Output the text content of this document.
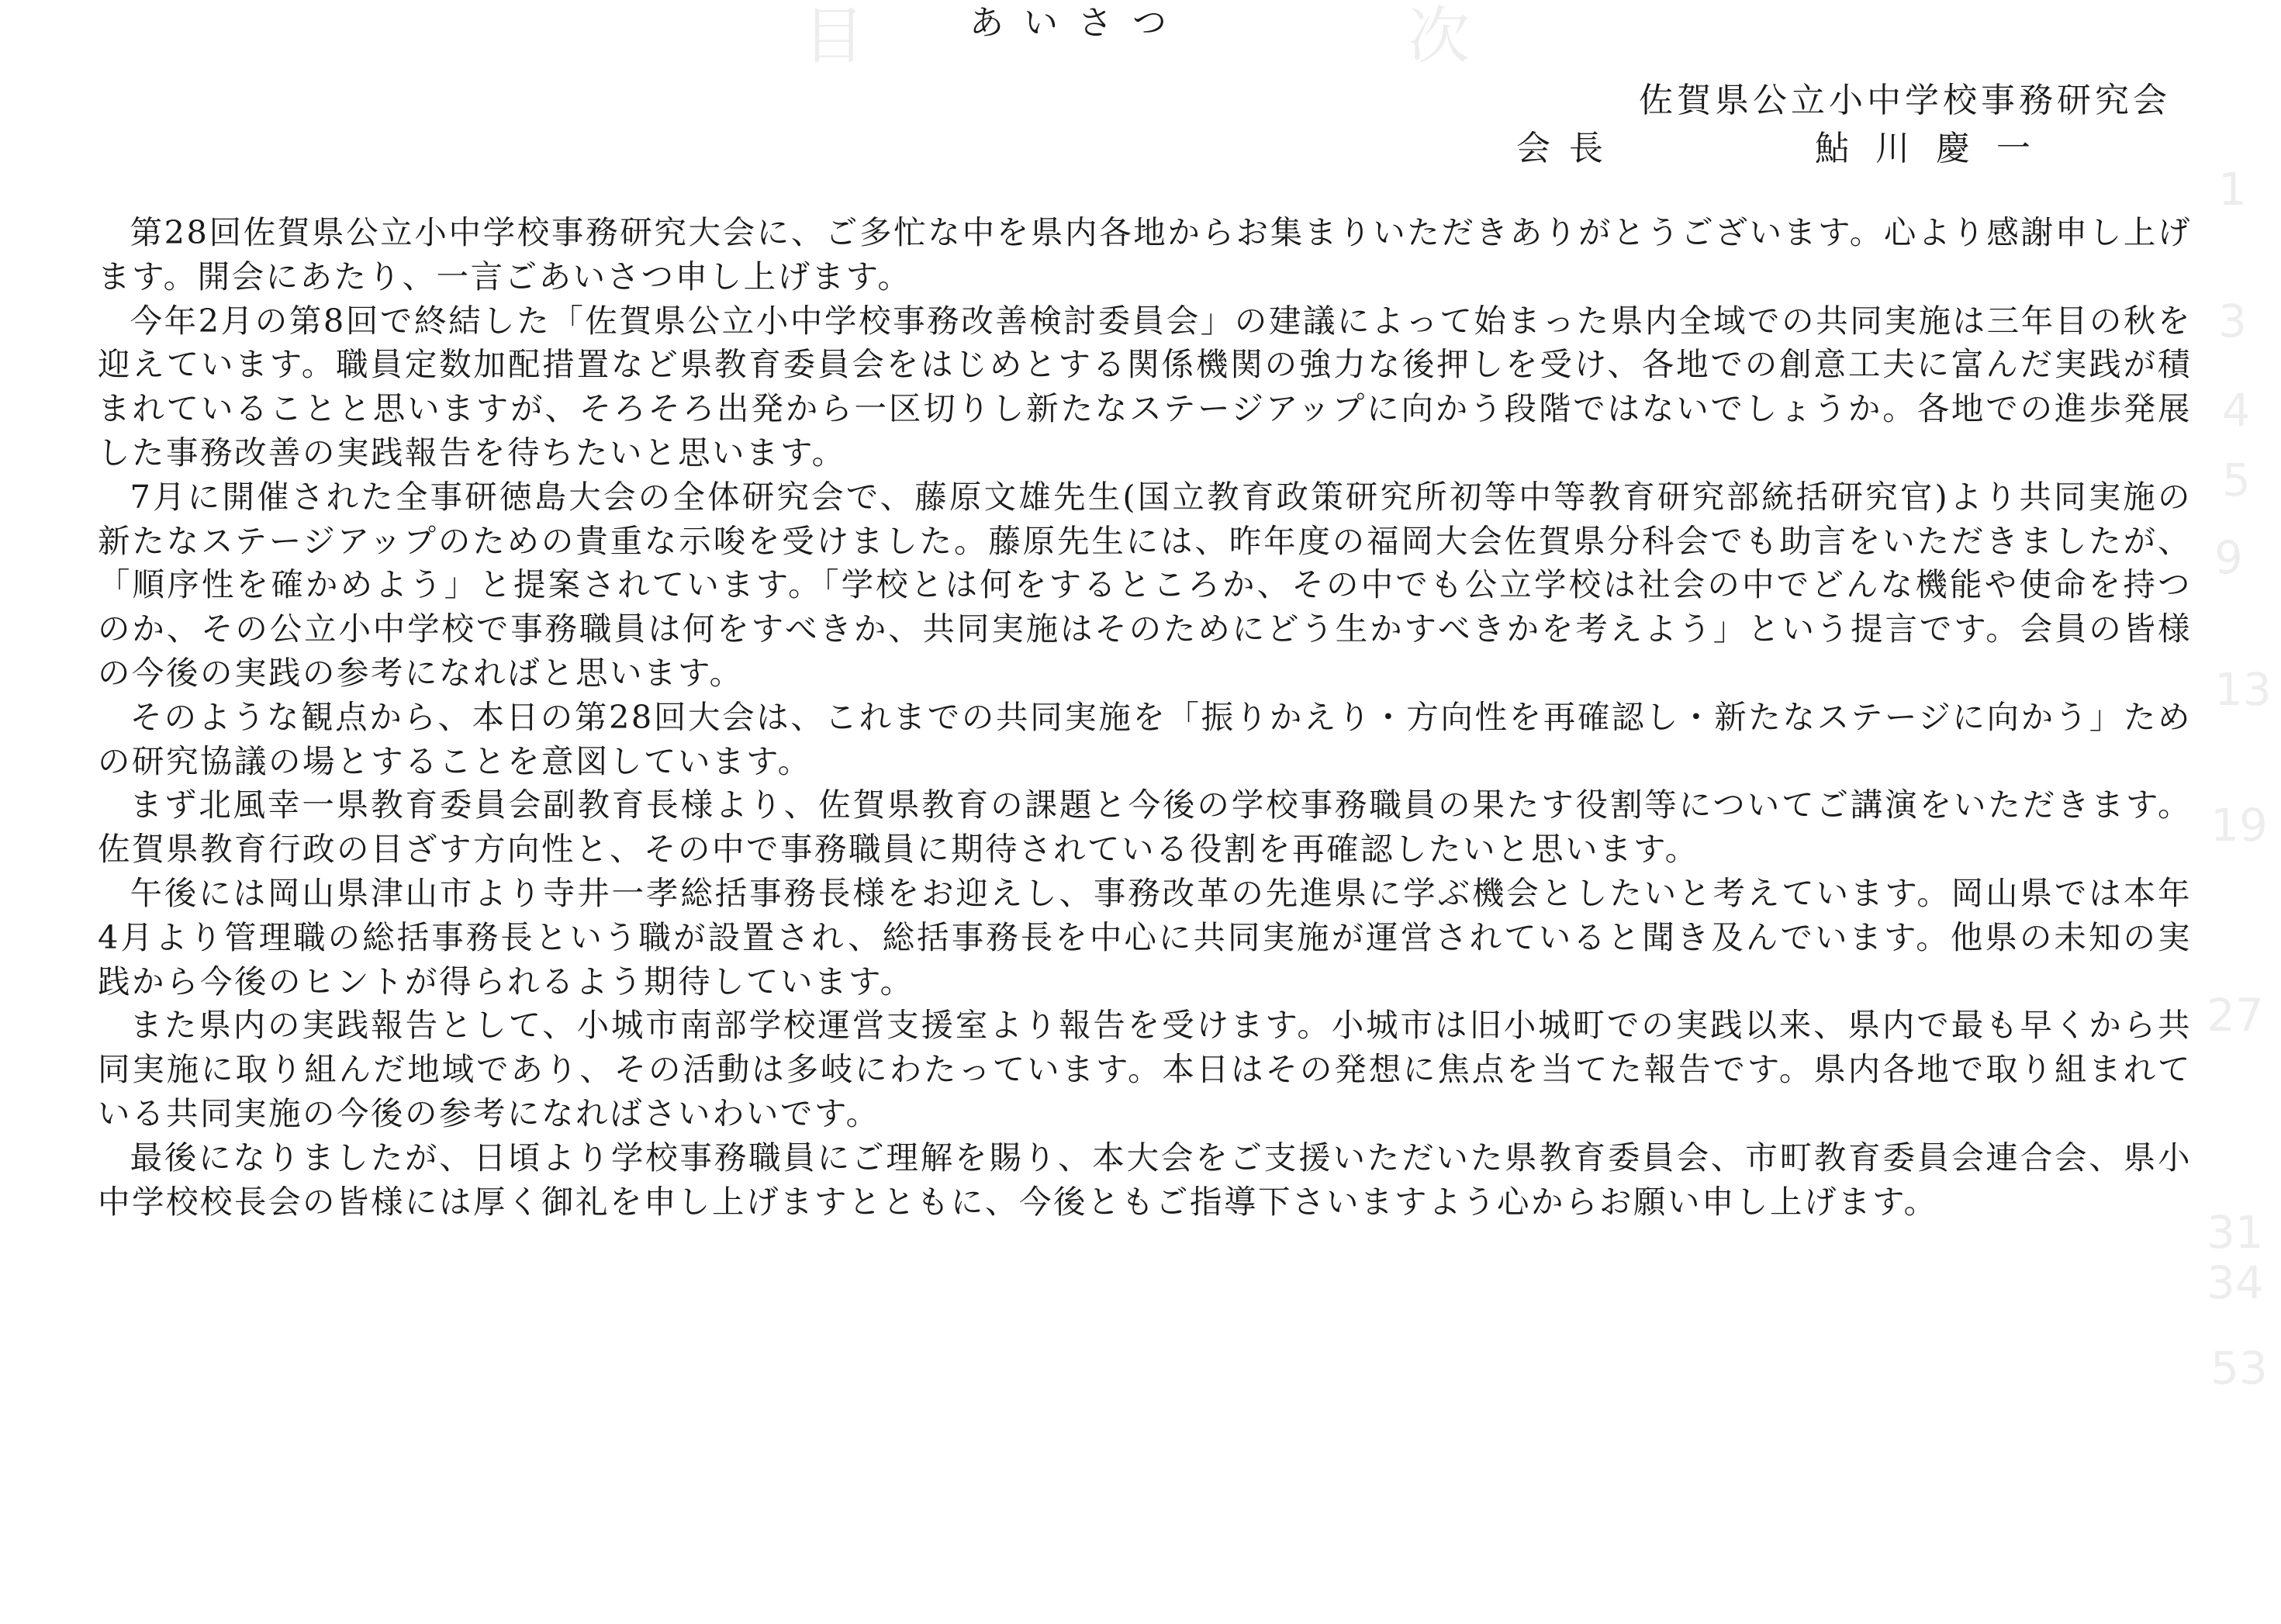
目	次
1
3
4
5
9
13
19
27
31
34
53
あいさつ
佐賀県公立小中学校事務研究会
会長	鮎川慶一

第28回佐賀県公立小中学校事務研究大会に、ご多忙な中を県内各地からお集まりいただきありがとうございます。心より感謝申し上げます。開会にあたり、一言ごあいさつ申し上げます。

今年2月の第8回で終結した「佐賀県公立小中学校事務改善検討委員会」の建議によって始まった県内全域での共同実施は三年目の秋を迎えています。職員定数加配措置など県教育委員会をはじめとする関係機関の強力な後押しを受け、各地での創意工夫に富んだ実践が積まれていることと思いますが、そろそろ出発から一区切りし新たなステージアップに向かう段階ではないでしょうか。各地での進歩発展した事務改善の実践報告を待ちたいと思います。

7月に開催された全事研徳島大会の全体研究会で、藤原文雄先生(国立教育政策研究所初等中等教育研究部統括研究官)より共同実施の新たなステージアップのための貴重な示唆を受けました。藤原先生には、昨年度の福岡大会佐賀県分科会でも助言をいただきましたが、「順序性を確かめよう」と提案されています。「学校とは何をするところか、その中でも公立学校は社会の中でどんな機能や使命を持つのか、その公立小中学校で事務職員は何をすべきか、共同実施はそのためにどう生かすべきかを考えよう」という提言です。会員の皆様の今後の実践の参考になればと思います。

そのような観点から、本日の第28回大会は、これまでの共同実施を「振りかえり・方向性を再確認し・新たなステージに向かう」ための研究協議の場とすることを意図しています。

まず北風幸一県教育委員会副教育長様より、佐賀県教育の課題と今後の学校事務職員の果たす役割等についてご講演をいただきます。佐賀県教育行政の目ざす方向性と、その中で事務職員に期待されている役割を再確認したいと思います。

午後には岡山県津山市より寺井一孝総括事務長様をお迎えし、事務改革の先進県に学ぶ機会としたいと考えています。岡山県では本年4月より管理職の総括事務長という職が設置され、総括事務長を中心に共同実施が運営されていると聞き及んでいます。他県の未知の実践から今後のヒントが得られるよう期待しています。

また県内の実践報告として、小城市南部学校運営支援室より報告を受けます。小城市は旧小城町での実践以来、県内で最も早くから共同実施に取り組んだ地域であり、その活動は多岐にわたっています。本日はその発想に焦点を当てた報告です。県内各地で取り組まれている共同実施の今後の参考になればさいわいです。

最後になりましたが、日頃より学校事務職員にご理解を賜り、本大会をご支援いただいた県教育委員会、市町教育委員会連合会、県小中学校校長会の皆様には厚く御礼を申し上げますとともに、今後ともご指導下さいますよう心からお願い申し上げます。
